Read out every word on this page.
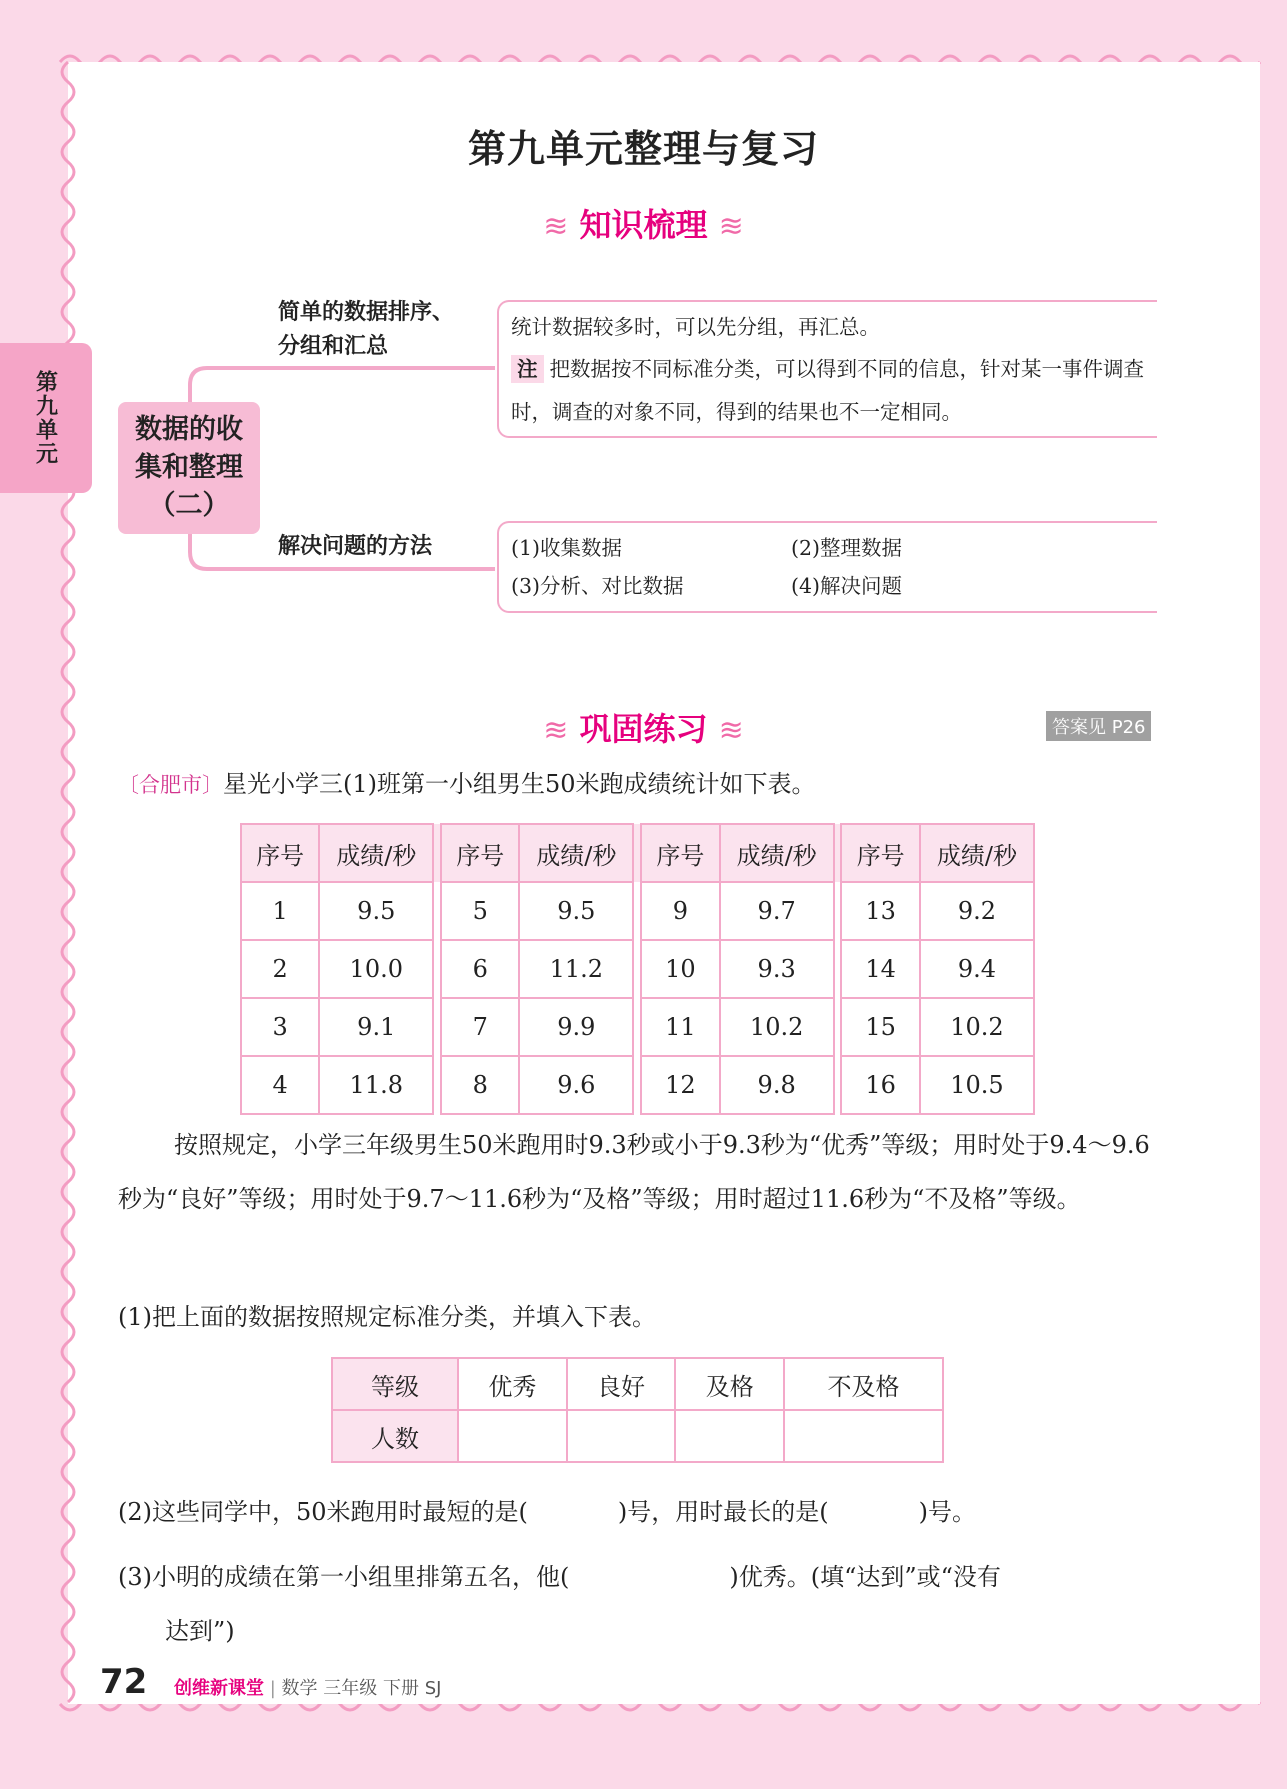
第九单元整理与复习
第九单元
≋ 知识梳理 ≋
数据的收集和整理（二）
简单的数据排序、分组和汇总
统计数据较多时，可以先分组，再汇总。
注 把数据按不同标准分类，可以得到不同的信息，针对某一事件调查时，调查的对象不同，得到的结果也不一定相同。
解决问题的方法	(1)收集数据	(2)整理数据
(3)分析、对比数据	(4)解决问题
≋ 巩固练习 ≋	答案见 P26
〔合肥市〕星光小学三(1)班第一小组男生50米跑成绩统计如下表。
序号	成绩/秒		序号	成绩/秒		序号	成绩/秒		序号	成绩/秒
1	9.5		5	9.5		9	9.7		13	9.2
2	10.0		6	11.2		10	9.3		14	9.4
3	9.1		7	9.9		11	10.2		15	10.2
4	11.8		8	9.6		12	9.8		16	10.5
按照规定，小学三年级男生50米跑用时9.3秒或小于9.3秒为“优秀”等级；用时处于9.4～9.6秒为“良好”等级；用时处于9.7～11.6秒为“及格”等级；用时超过11.6秒为“不及格”等级。
(1)把上面的数据按照规定标准分类，并填入下表。
等级	优秀	良好	及格	不及格
人数				
(2)这些同学中，50米跑用时最短的是(	)号，用时最长的是(	)号。
(3)小明的成绩在第一小组里排第五名，他(	)优秀。(填“达到”或“没有
达到”)
72 创维新课堂 | 数学 三年级 下册 SJ
